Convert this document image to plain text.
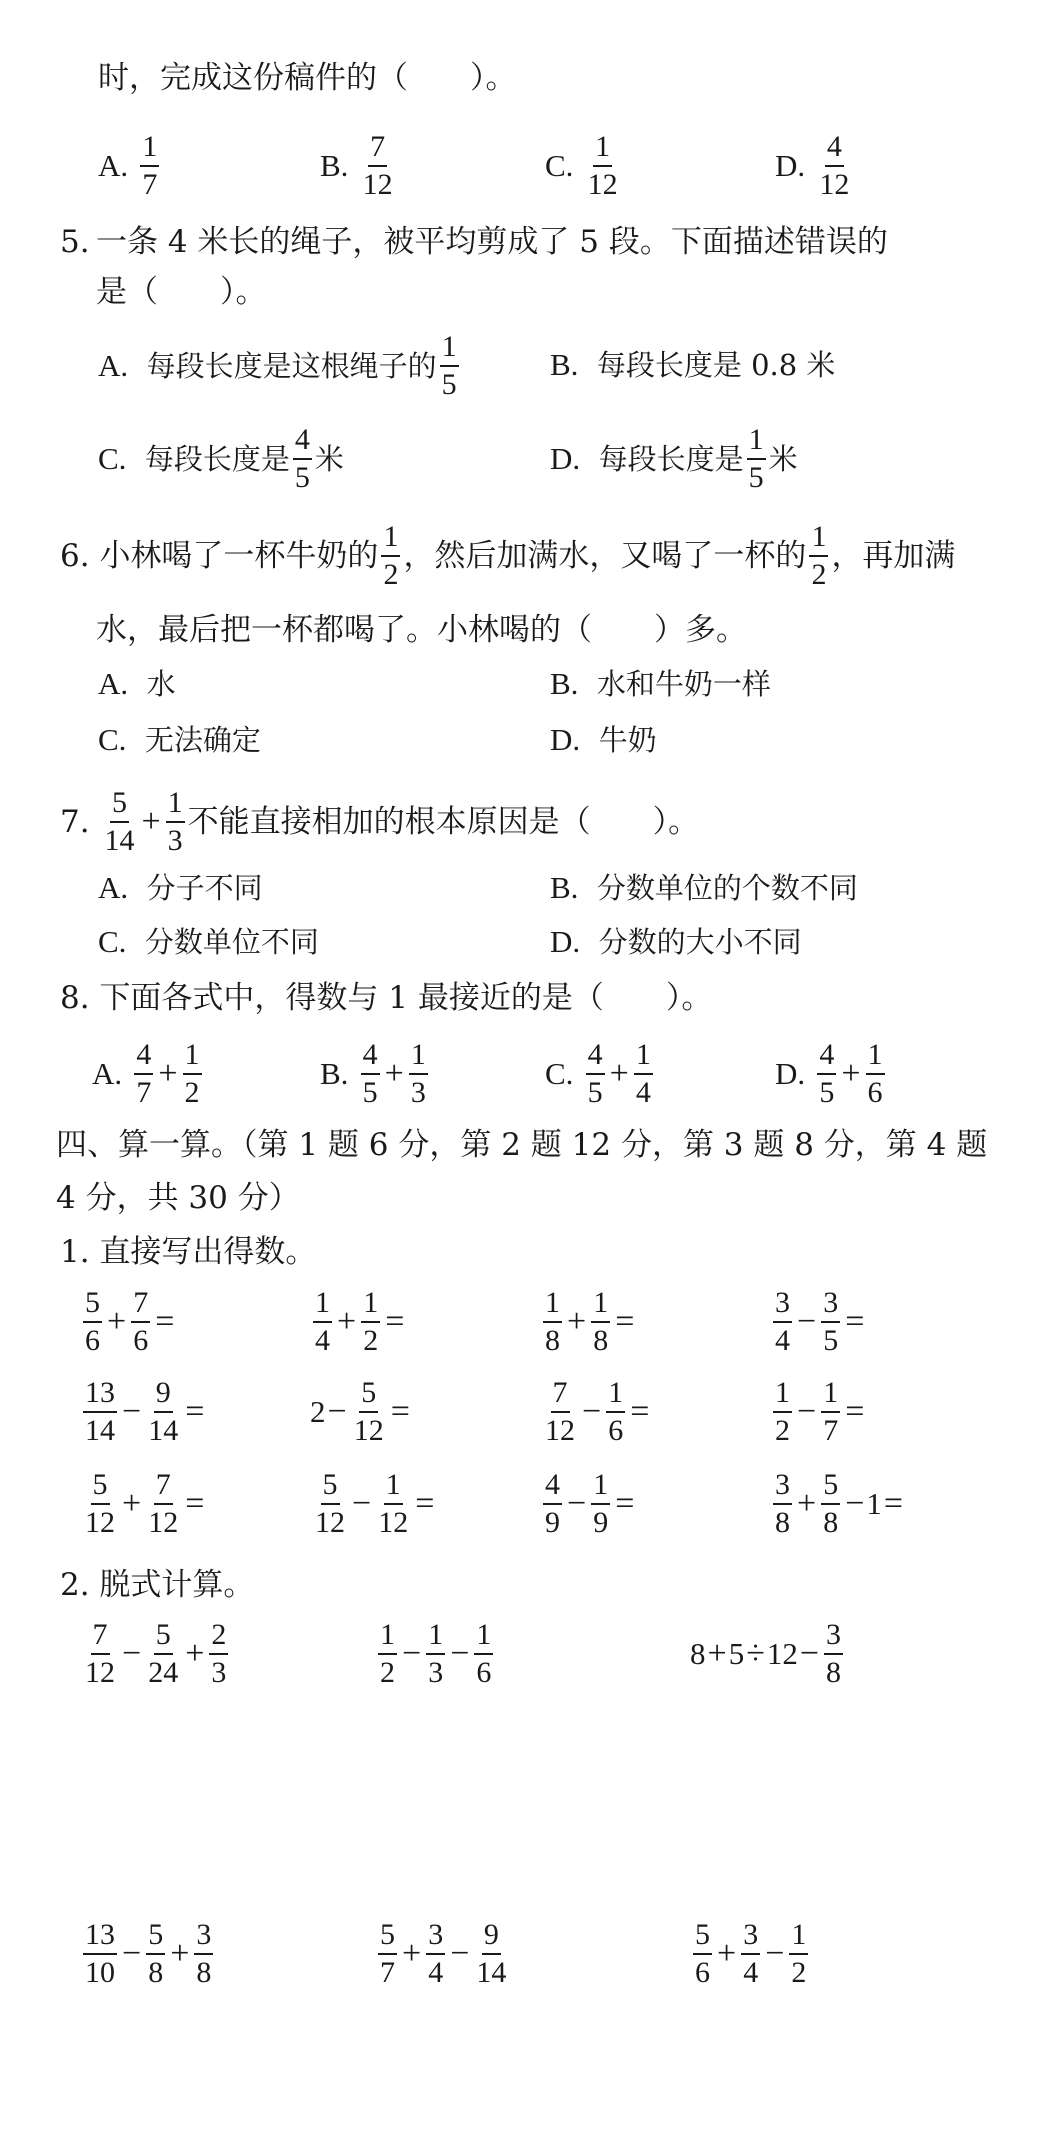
时，完成这份稿件的（　　）。
5. 一条 4 米长的绳子，被平均剪成了 5 段。下面描述错误的
是（　　）。
A.
每段长度是这根绳子的 $\frac{1}{5}$	B.
每段长度是 0.8 米
C.
每段长度是 $\frac{4}{5}$ 米	D.
每段长度是 $\frac{1}{5}$ 米
6.
小林喝了一杯牛奶的 $\frac{1}{2}$ ，然后加满水，又喝了一杯的 $\frac{1}{2}$ ，再加满
水，最后把一杯都喝了。小林喝的（　　）多。
A.
水	B.
水和牛奶一样
C.
无法确定	D.
牛奶
7.
$\frac{5}{14} + \frac{1}{3}$ 不能直接相加的根本原因是（　　）。
A.
分子不同	B.
分数单位的个数不同
C.
分数单位不同	D.
分数的大小不同
8.
下面各式中，得数与 1 最接近的是（　　）。
四、算一算。（第 1 题 6 分，第 2 题 12 分，第 3 题 8 分，第 4 题
4 分，共 30 分）
1. 直接写出得数。
2. 脱式计算。
A.
$\frac{1}{7}$	B.
$\frac{7}{12}$	C.
$\frac{1}{12}$	D.
$\frac{4}{12}$
A.
$\frac{4}{7} + \frac{1}{2}$	B.
$\frac{4}{5} + \frac{1}{3}$	C.
$\frac{4}{5} + \frac{1}{4}$	D.
$\frac{4}{5} + \frac{1}{6}$
$\frac{5}{6} + \frac{7}{6}$ =	$\frac{1}{4} + \frac{1}{2}$ =	$\frac{1}{8} + \frac{1}{8}$ =	$\frac{3}{4} - \frac{3}{5}$ =
$\frac{13}{14} - \frac{9}{14}$ =	$2 - \frac{5}{12}$ =	$\frac{7}{12} - \frac{1}{6}$ =	$\frac{1}{2} - \frac{1}{7}$ =
$\frac{5}{12} + \frac{7}{12}$ =	$\frac{5}{12} - \frac{1}{12}$ =	$\frac{4}{9} - \frac{1}{9}$ =	$\frac{3}{8} + \frac{5}{8} - 1$ =
$\frac{7}{12} - \frac{5}{24} + \frac{2}{3}$	$\frac{1}{2} - \frac{1}{3} - \frac{1}{6}$	$8 + 5 \div 12 - \frac{3}{8}$
$\frac{13}{10} - \frac{5}{8} + \frac{3}{8}$	$\frac{5}{7} + \frac{3}{4} - \frac{9}{14}$	$\frac{5}{6} + \frac{3}{4} - \frac{1}{2}$
